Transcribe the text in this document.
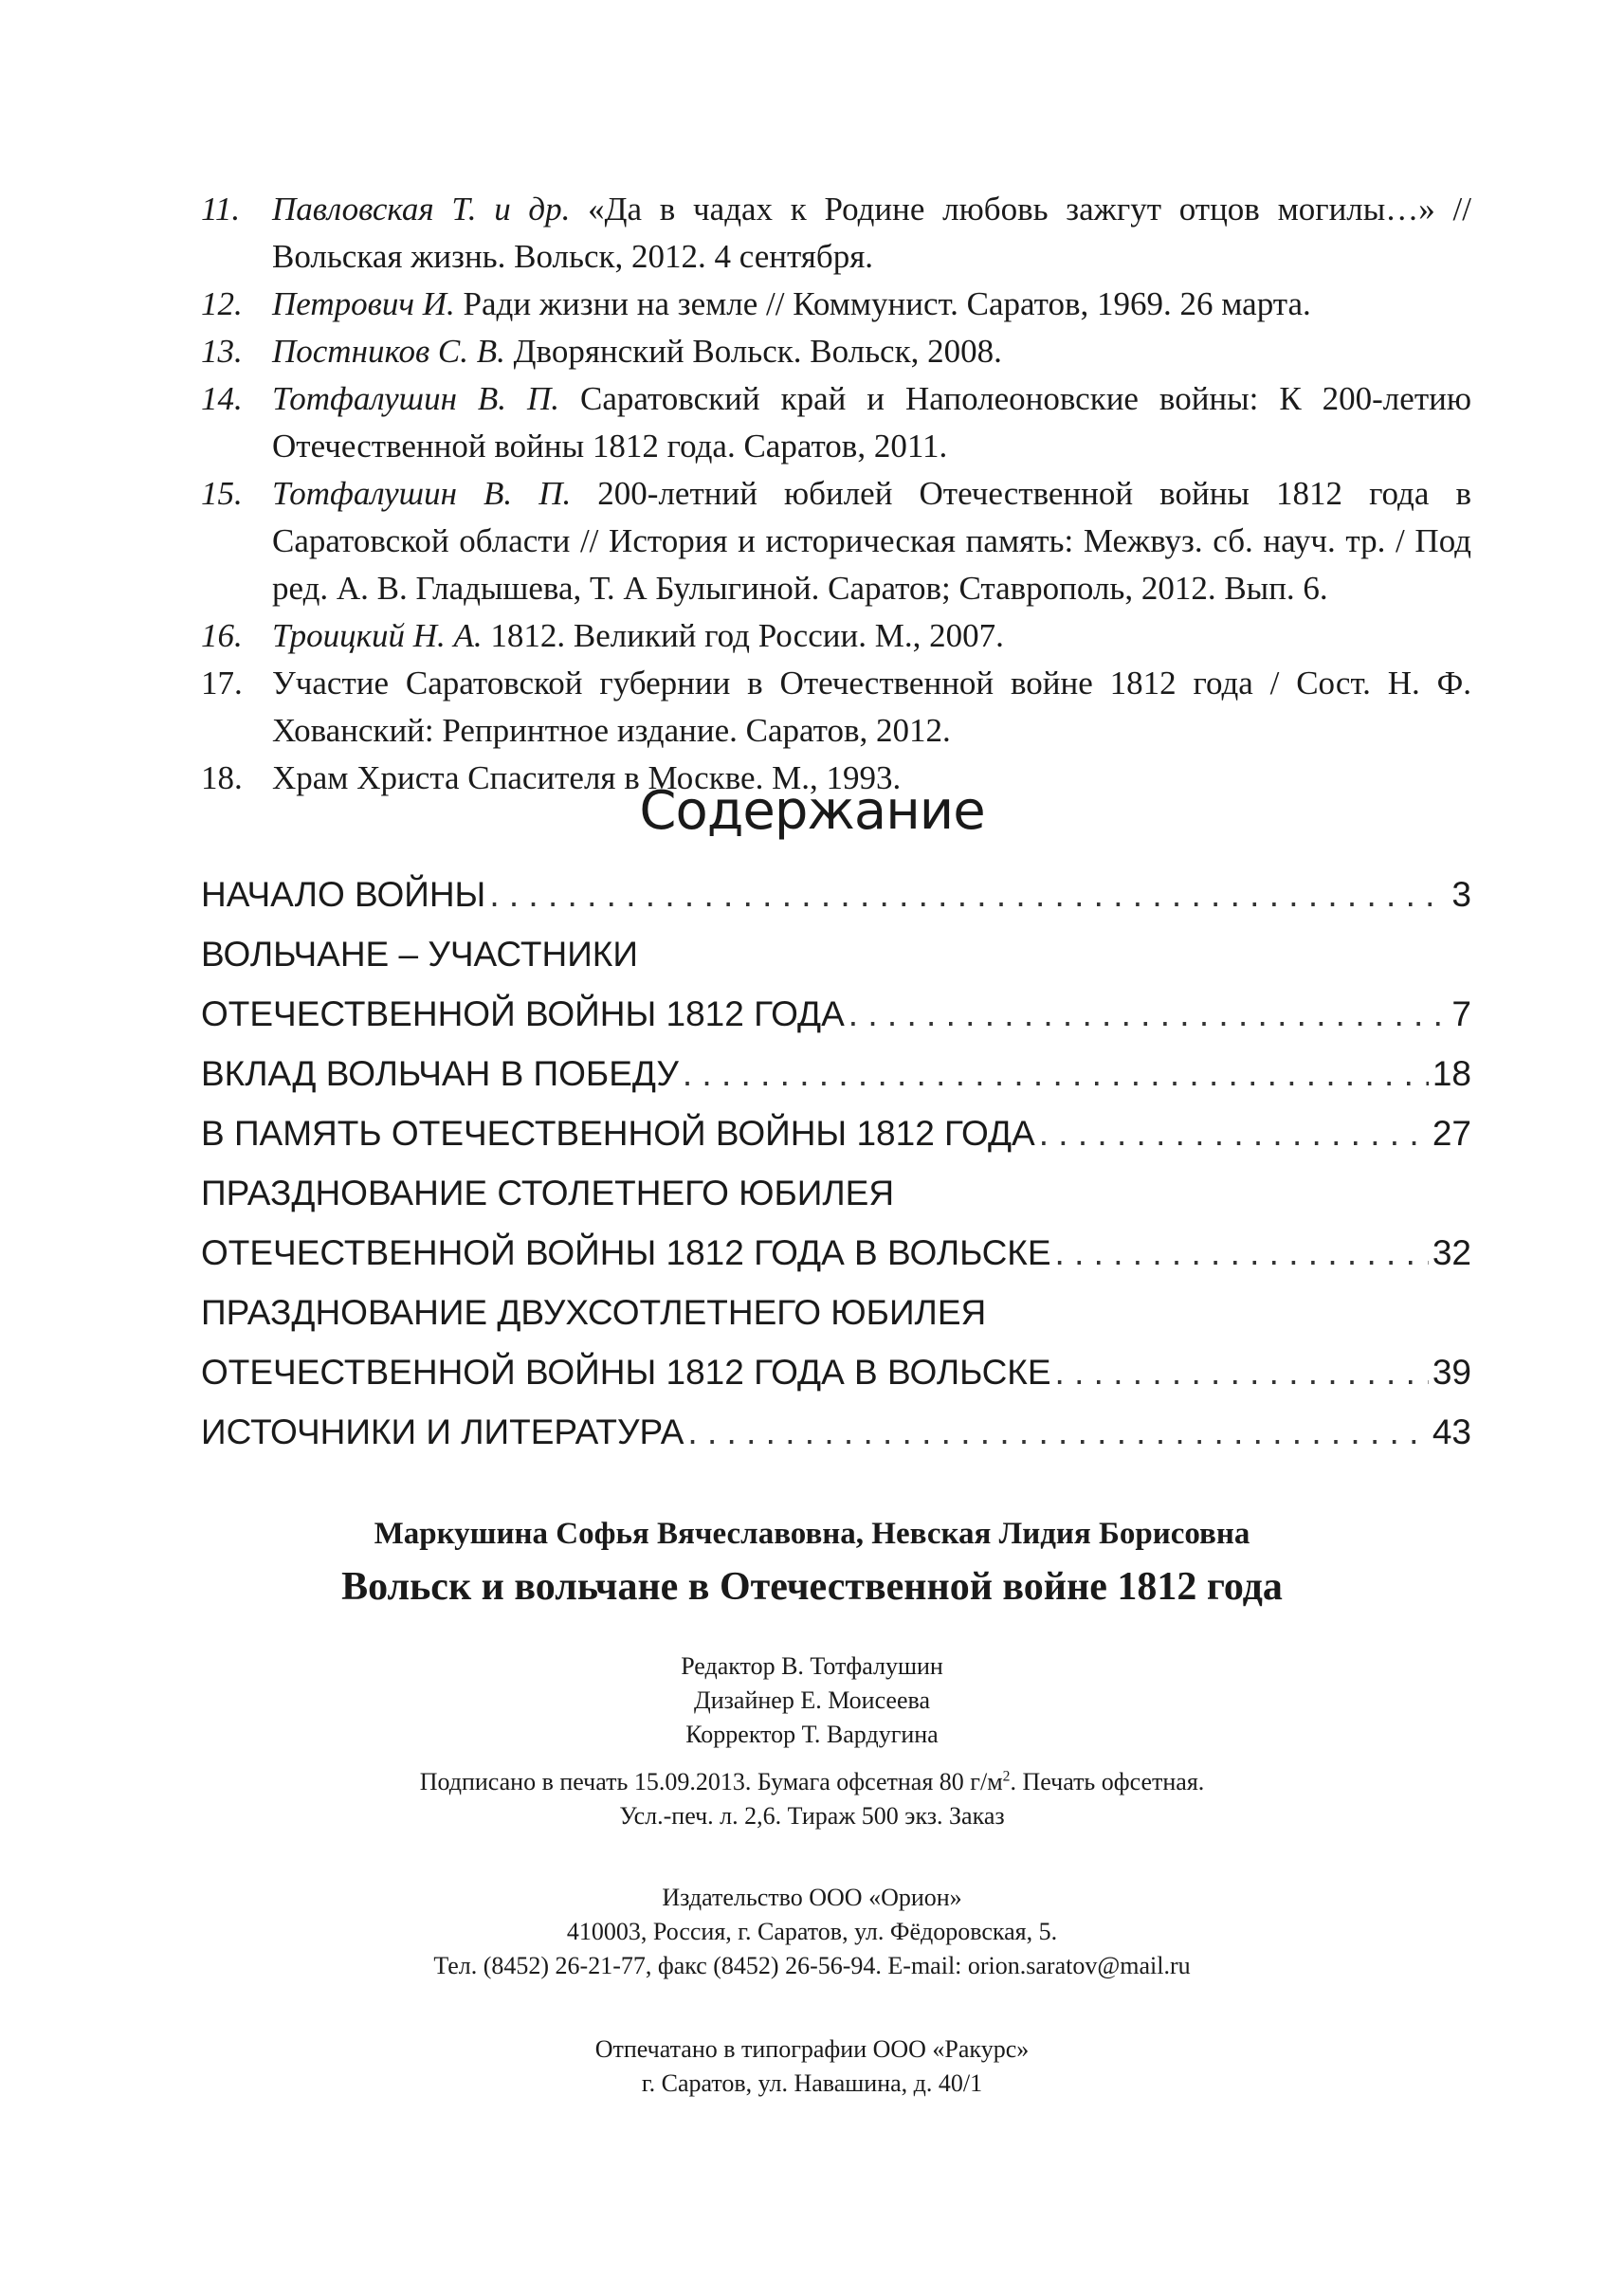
11. Павловская Т. и др. «Да в чадах к Родине любовь зажгут отцов могилы…» // Вольская жизнь. Вольск, 2012. 4 сентября.
12. Петрович И. Ради жизни на земле // Коммунист. Саратов, 1969. 26 марта.
13. Постников С. В. Дворянский Вольск. Вольск, 2008.
14. Тотфалушин В. П. Саратовский край и Наполеоновские войны: К 200-летию Отечественной войны 1812 года. Саратов, 2011.
15. Тотфалушин В. П. 200-летний юбилей Отечественной войны 1812 года в Саратовской области // История и историческая память: Межвуз. сб. науч. тр. / Под ред. А. В. Гладышева, Т. А Булыгиной. Саратов; Ставрополь, 2012. Вып. 6.
16. Троицкий Н. А. 1812. Великий год России. М., 2007.
17. Участие Саратовской губернии в Отечественной войне 1812 года / Сост. Н. Ф. Хованский: Репринтное издание. Саратов, 2012.
18. Храм Христа Спасителя в Москве. М., 1993.
Содержание
НАЧАЛО ВОЙНЫ . . .	3
ВОЛЬЧАНЕ – УЧАСТНИКИ
ОТЕЧЕСТВЕННОЙ ВОЙНЫ 1812 ГОДА . . .	7
ВКЛАД ВОЛЬЧАН В ПОБЕДУ . . .	18
В ПАМЯТЬ ОТЕЧЕСТВЕННОЙ ВОЙНЫ 1812 ГОДА . . .	27
ПРАЗДНОВАНИЕ СТОЛЕТНЕГО ЮБИЛЕЯ
ОТЕЧЕСТВЕННОЙ ВОЙНЫ 1812 ГОДА В ВОЛЬСКЕ . . .	32
ПРАЗДНОВАНИЕ ДВУХСОТЛЕТНЕГО ЮБИЛЕЯ
ОТЕЧЕСТВЕННОЙ ВОЙНЫ 1812 ГОДА В ВОЛЬСКЕ . . .	39
ИСТОЧНИКИ И ЛИТЕРАТУРА . . .	43
Маркушина Софья Вячеславовна, Невская Лидия Борисовна
Вольск и вольчане в Отечественной войне 1812 года
Редактор В. Тотфалушин
Дизайнер Е. Моисеева
Корректор Т. Вардугина
Подписано в печать 15.09.2013. Бумага офсетная 80 $г/м^2$. Печать офсетная.
Усл.-печ. л. 2,6. Тираж 500 экз. Заказ
Издательство ООО «Орион»
410003, Россия, г. Саратов, ул. Фёдоровская, 5.
Тел. (8452) 26-21-77, факс (8452) 26-56-94. E-mail: orion.saratov@mail.ru
Отпечатано в типографии ООО «Ракурс»
г. Саратов, ул. Навашина, д. 40/1
